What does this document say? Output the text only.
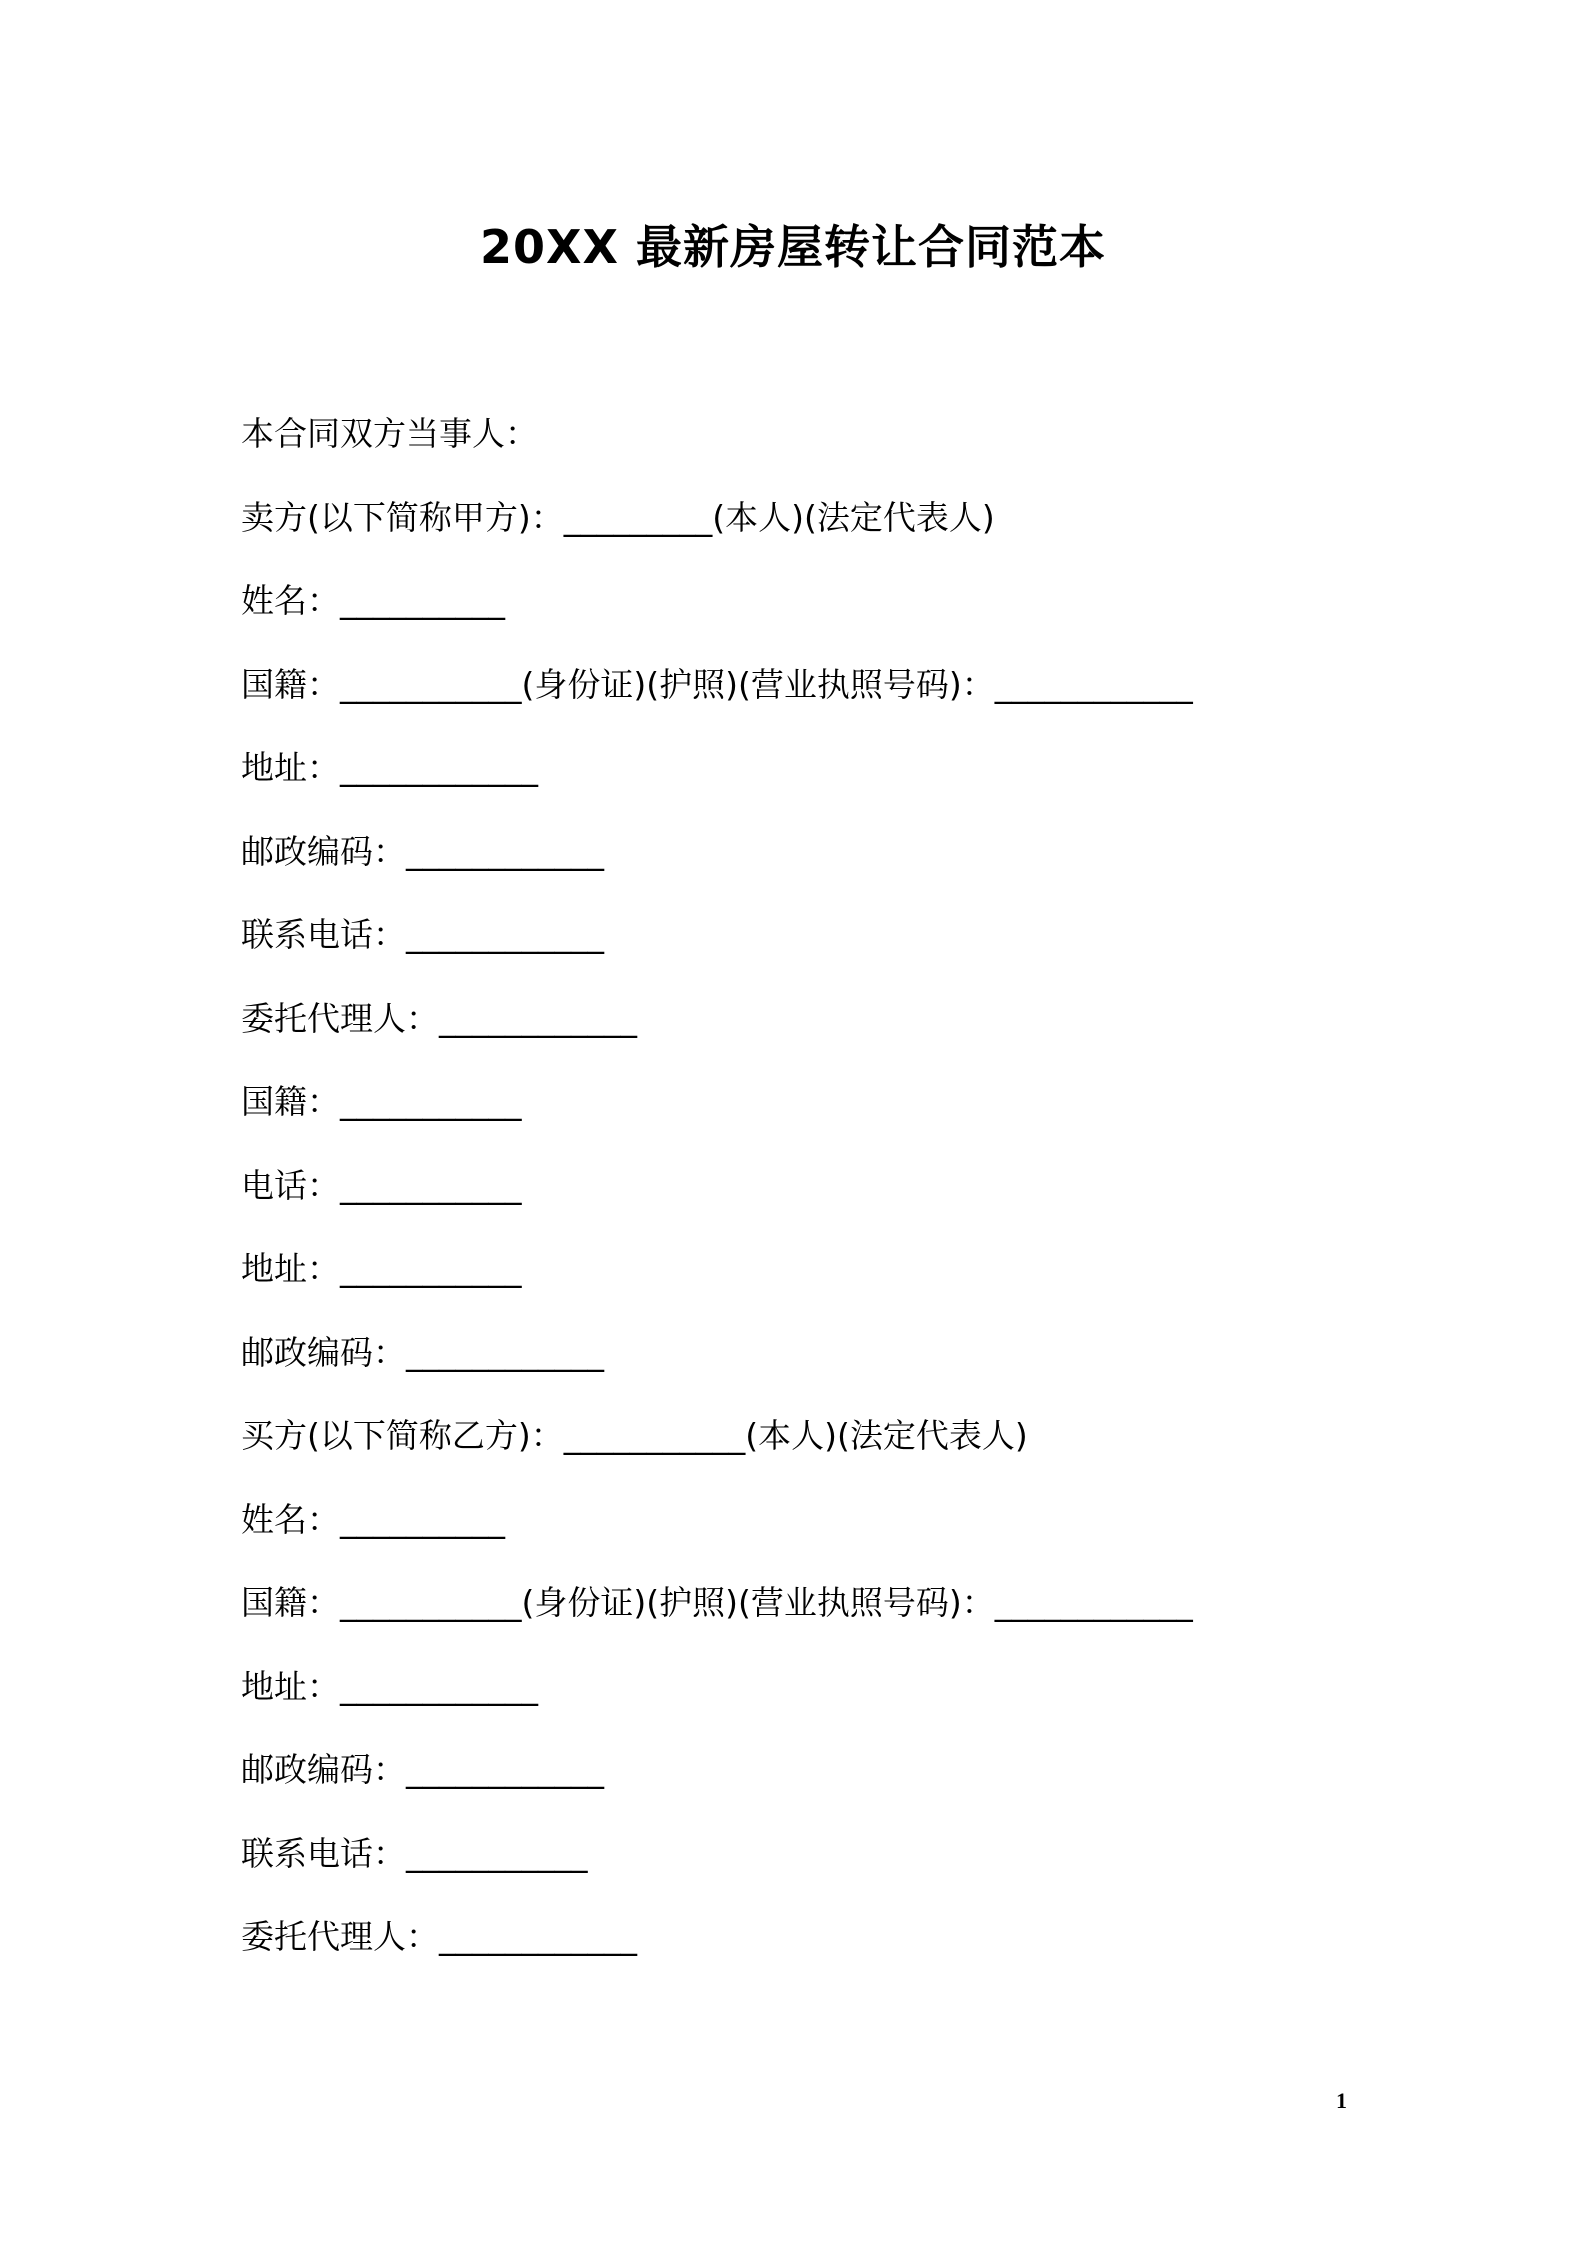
20XX 最新房屋转让合同范本
本合同双方当事人：
卖方(以下简称甲方)：_________(本人)(法定代表人)
姓名：__________
国籍：___________(身份证)(护照)(营业执照号码)：____________
地址：____________
邮政编码：____________
联系电话：____________
委托代理人：____________
国籍：___________
电话：___________
地址：___________
邮政编码：____________
买方(以下简称乙方)：___________(本人)(法定代表人)
姓名：__________
国籍：___________(身份证)(护照)(营业执照号码)：____________
地址：____________
邮政编码：____________
联系电话：___________
委托代理人：____________
1
